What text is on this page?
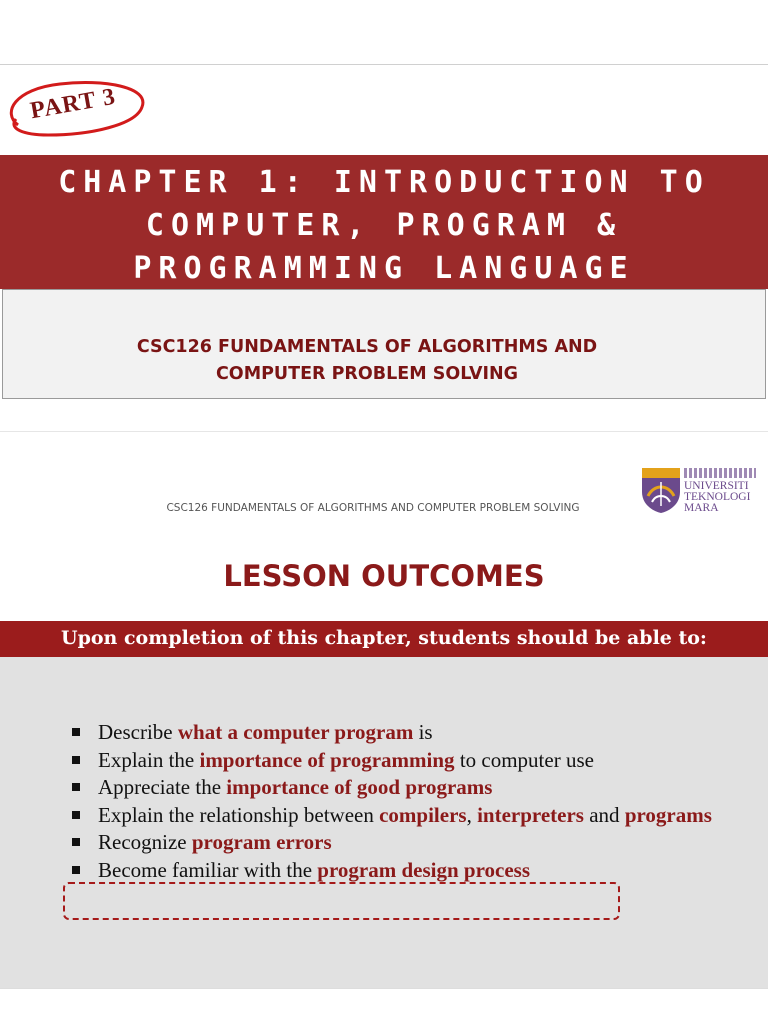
PART 3
CHAPTER 1: INTRODUCTION TO
COMPUTER, PROGRAM &
PROGRAMMING LANGUAGE
CSC126 FUNDAMENTALS OF ALGORITHMS AND
COMPUTER PROBLEM SOLVING
CSC126 FUNDAMENTALS OF ALGORITHMS AND COMPUTER PROBLEM SOLVING
UNIVERSITI
TEKNOLOGI
MARA
LESSON OUTCOMES
Upon completion of this chapter, students should be able to:
Describe what a computer program is
Explain the importance of programming to computer use
Appreciate the importance of good programs
Explain the relationship between compilers, interpreters and programs
Recognize program errors
Become familiar with the program design process
